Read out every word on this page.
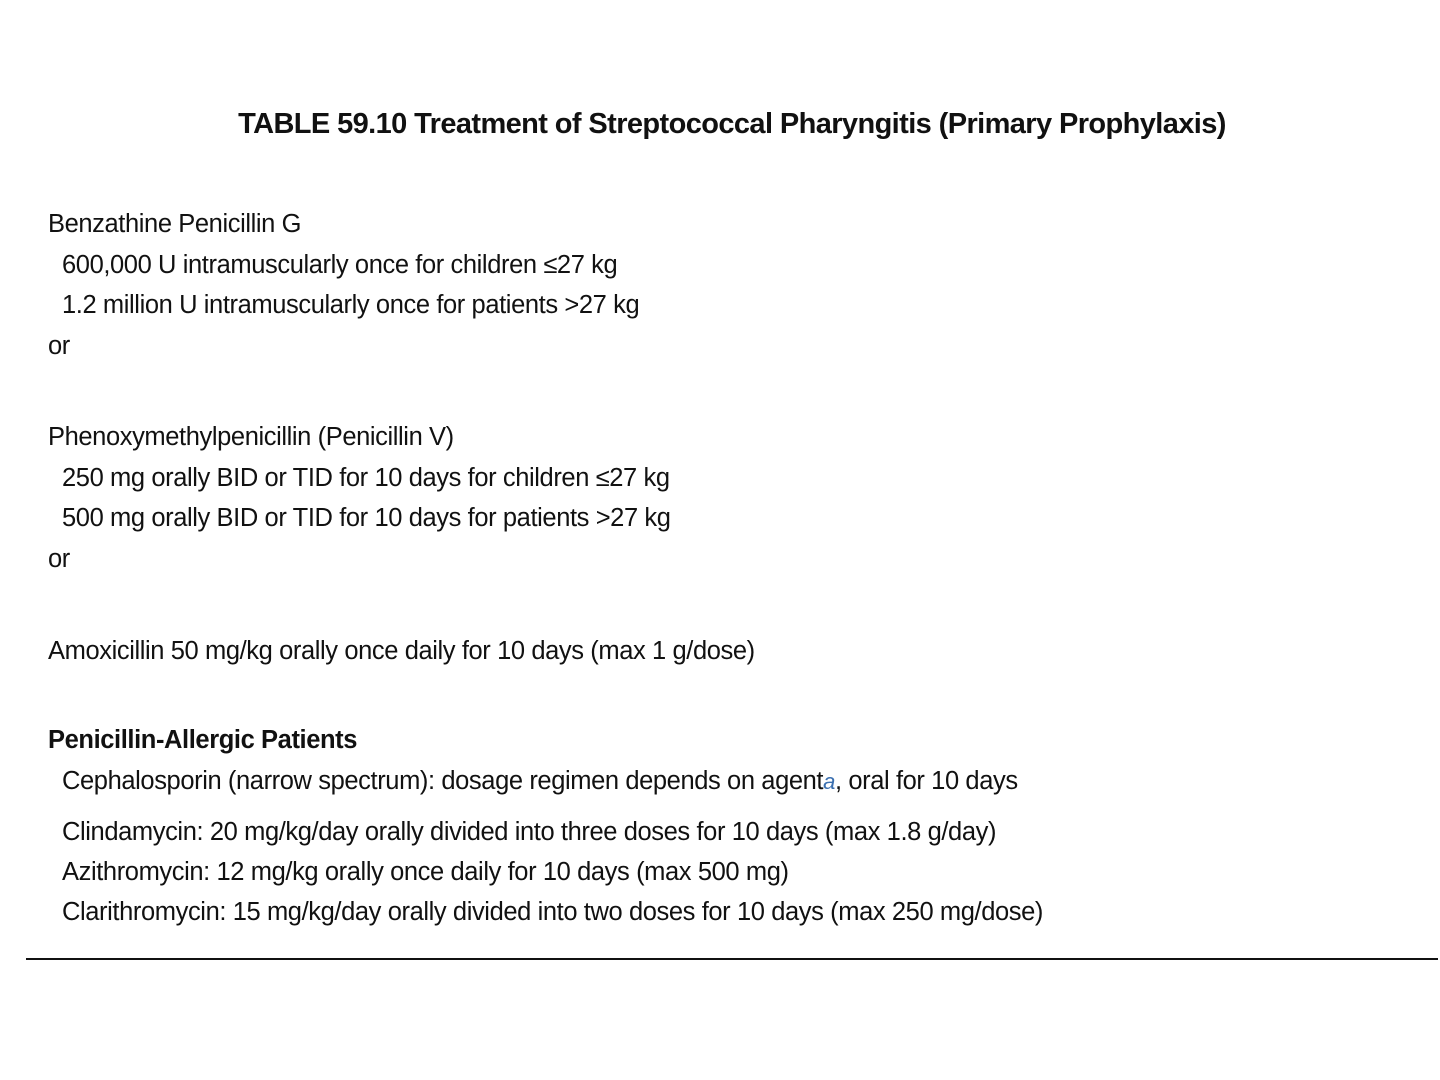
TABLE 59.10 Treatment of Streptococcal Pharyngitis (Primary Prophylaxis)
Benzathine Penicillin G
600,000 U intramuscularly once for children ≤27 kg
1.2 million U intramuscularly once for patients >27 kg
or
Phenoxymethylpenicillin (Penicillin V)
250 mg orally BID or TID for 10 days for children ≤27 kg
500 mg orally BID or TID for 10 days for patients >27 kg
or
Amoxicillin 50 mg/kg orally once daily for 10 days (max 1 g/dose)
Penicillin-Allergic Patients
Cephalosporin (narrow spectrum): dosage regimen depends on agenta, oral for 10 days
Clindamycin: 20 mg/kg/day orally divided into three doses for 10 days (max 1.8 g/day)
Azithromycin: 12 mg/kg orally once daily for 10 days (max 500 mg)
Clarithromycin: 15 mg/kg/day orally divided into two doses for 10 days (max 250 mg/dose)
